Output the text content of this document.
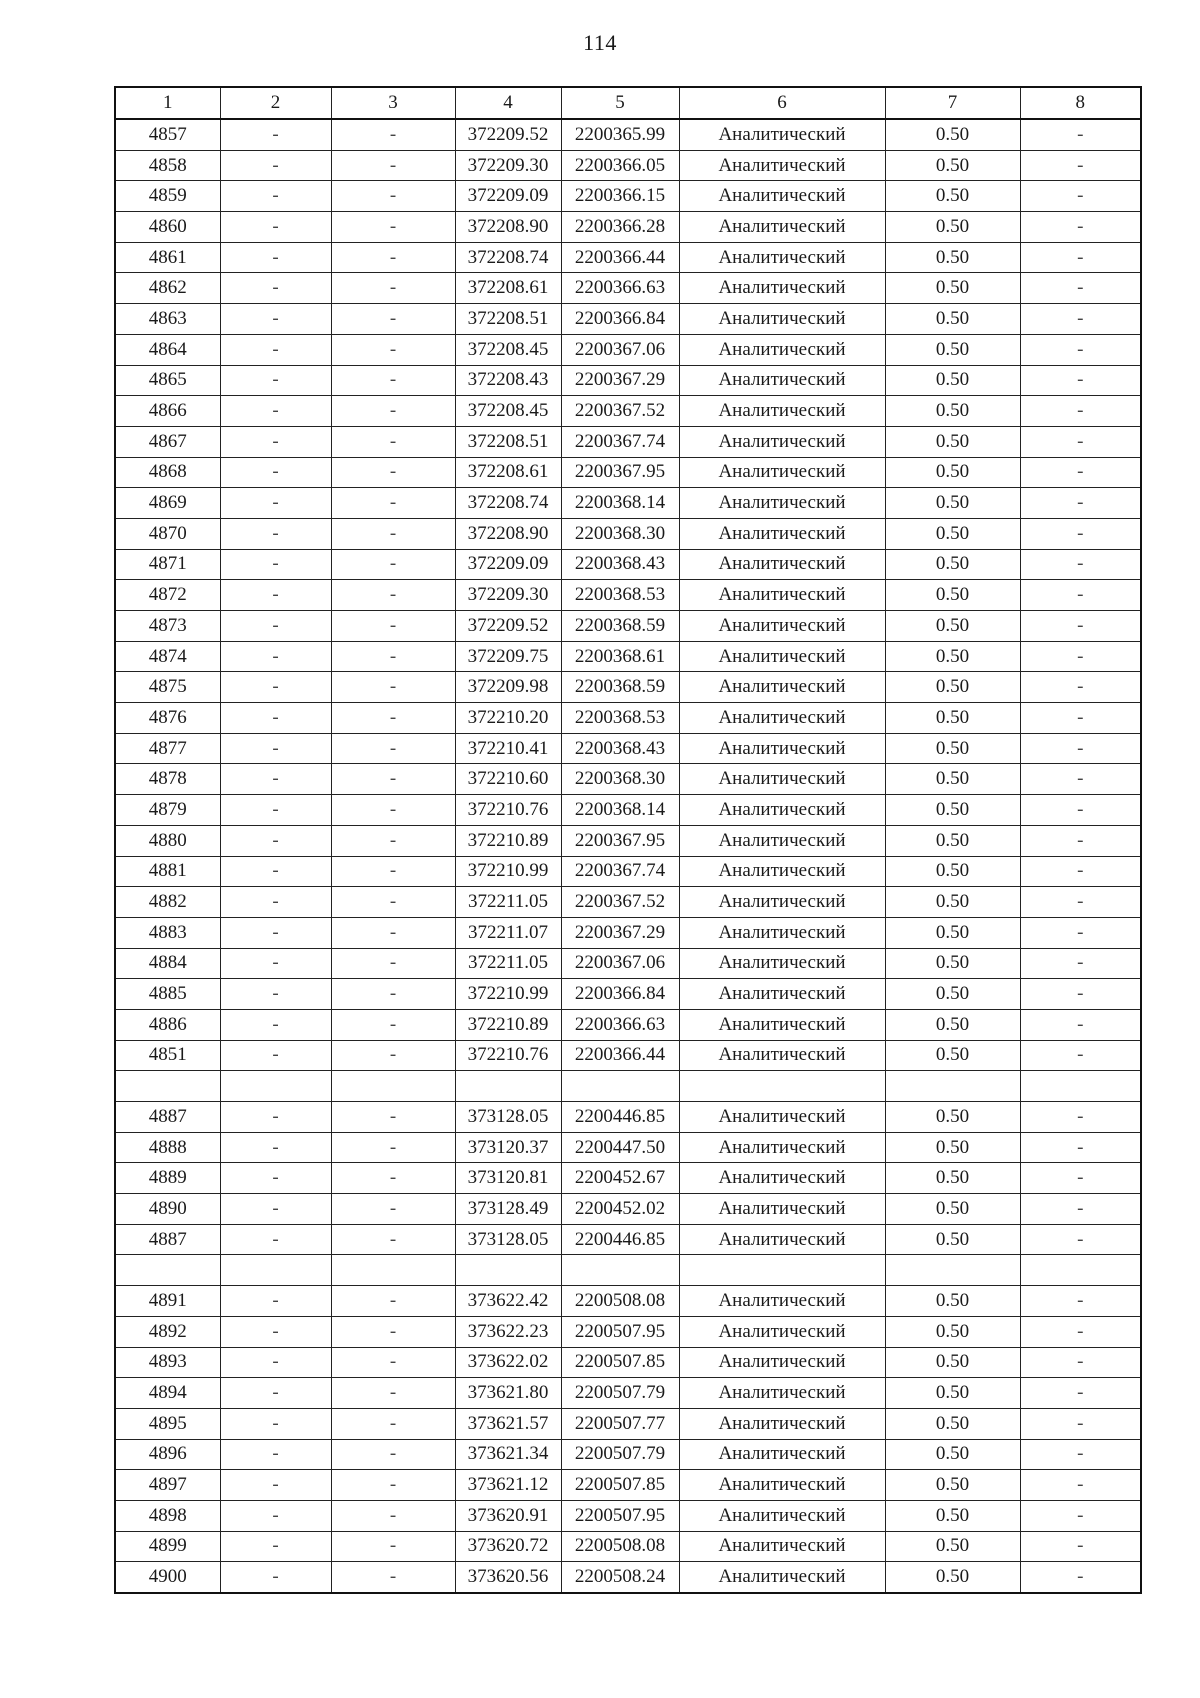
114
1	2	3	4	5	6	7	8
4857	-	-	372209.52	2200365.99	Аналитический	0.50	-
4858	-	-	372209.30	2200366.05	Аналитический	0.50	-
4859	-	-	372209.09	2200366.15	Аналитический	0.50	-
4860	-	-	372208.90	2200366.28	Аналитический	0.50	-
4861	-	-	372208.74	2200366.44	Аналитический	0.50	-
4862	-	-	372208.61	2200366.63	Аналитический	0.50	-
4863	-	-	372208.51	2200366.84	Аналитический	0.50	-
4864	-	-	372208.45	2200367.06	Аналитический	0.50	-
4865	-	-	372208.43	2200367.29	Аналитический	0.50	-
4866	-	-	372208.45	2200367.52	Аналитический	0.50	-
4867	-	-	372208.51	2200367.74	Аналитический	0.50	-
4868	-	-	372208.61	2200367.95	Аналитический	0.50	-
4869	-	-	372208.74	2200368.14	Аналитический	0.50	-
4870	-	-	372208.90	2200368.30	Аналитический	0.50	-
4871	-	-	372209.09	2200368.43	Аналитический	0.50	-
4872	-	-	372209.30	2200368.53	Аналитический	0.50	-
4873	-	-	372209.52	2200368.59	Аналитический	0.50	-
4874	-	-	372209.75	2200368.61	Аналитический	0.50	-
4875	-	-	372209.98	2200368.59	Аналитический	0.50	-
4876	-	-	372210.20	2200368.53	Аналитический	0.50	-
4877	-	-	372210.41	2200368.43	Аналитический	0.50	-
4878	-	-	372210.60	2200368.30	Аналитический	0.50	-
4879	-	-	372210.76	2200368.14	Аналитический	0.50	-
4880	-	-	372210.89	2200367.95	Аналитический	0.50	-
4881	-	-	372210.99	2200367.74	Аналитический	0.50	-
4882	-	-	372211.05	2200367.52	Аналитический	0.50	-
4883	-	-	372211.07	2200367.29	Аналитический	0.50	-
4884	-	-	372211.05	2200367.06	Аналитический	0.50	-
4885	-	-	372210.99	2200366.84	Аналитический	0.50	-
4886	-	-	372210.89	2200366.63	Аналитический	0.50	-
4851	-	-	372210.76	2200366.44	Аналитический	0.50	-

4887	-	-	373128.05	2200446.85	Аналитический	0.50	-
4888	-	-	373120.37	2200447.50	Аналитический	0.50	-
4889	-	-	373120.81	2200452.67	Аналитический	0.50	-
4890	-	-	373128.49	2200452.02	Аналитический	0.50	-
4887	-	-	373128.05	2200446.85	Аналитический	0.50	-

4891	-	-	373622.42	2200508.08	Аналитический	0.50	-
4892	-	-	373622.23	2200507.95	Аналитический	0.50	-
4893	-	-	373622.02	2200507.85	Аналитический	0.50	-
4894	-	-	373621.80	2200507.79	Аналитический	0.50	-
4895	-	-	373621.57	2200507.77	Аналитический	0.50	-
4896	-	-	373621.34	2200507.79	Аналитический	0.50	-
4897	-	-	373621.12	2200507.85	Аналитический	0.50	-
4898	-	-	373620.91	2200507.95	Аналитический	0.50	-
4899	-	-	373620.72	2200508.08	Аналитический	0.50	-
4900	-	-	373620.56	2200508.24	Аналитический	0.50	-
